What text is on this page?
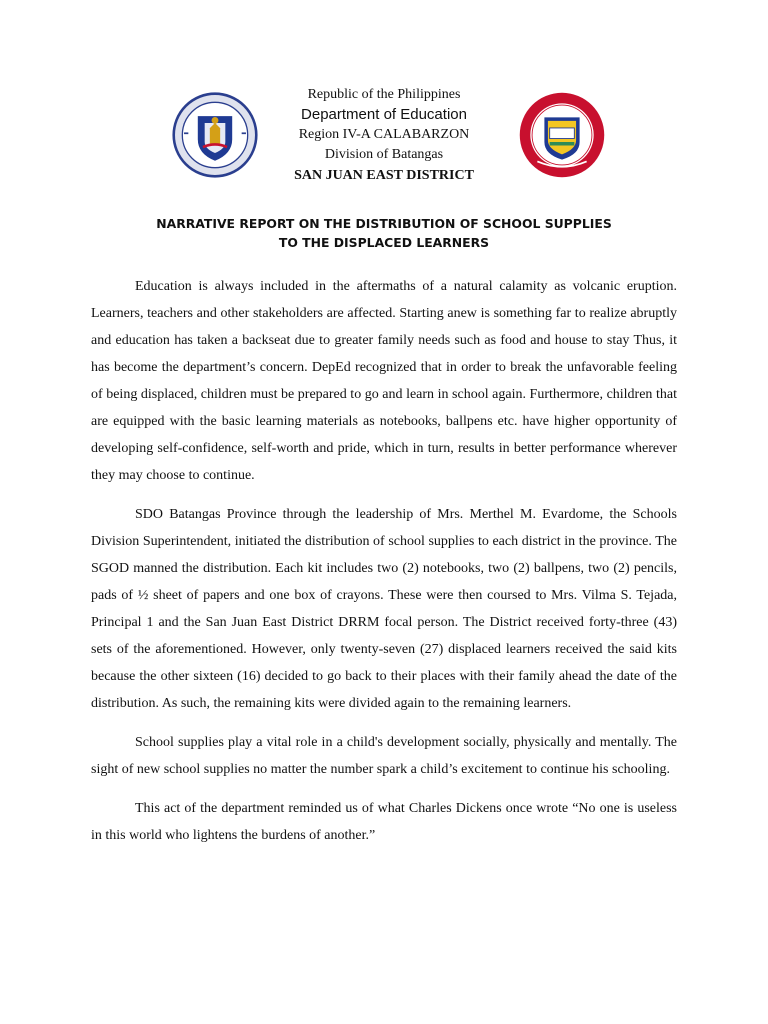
Republic of the Philippines
Department of Education
Region IV-A CALABARZON
Division of Batangas
SAN JUAN EAST DISTRICT
NARRATIVE REPORT ON THE DISTRIBUTION OF SCHOOL SUPPLIES
TO THE DISPLACED LEARNERS

Education is always included in the aftermaths of a natural calamity as volcanic eruption. Learners, teachers and other stakeholders are affected. Starting anew is something far to realize abruptly and education has taken a backseat due to greater family needs such as food and house to stay Thus, it has become the department’s concern. DepEd recognized that in order to break the unfavorable feeling of being displaced, children must be prepared to go and learn in school again. Furthermore, children that are equipped with the basic learning materials as notebooks, ballpens etc. have higher opportunity of developing self-confidence, self-worth and pride, which in turn, results in better performance wherever they may choose to continue.

SDO Batangas Province through the leadership of Mrs. Merthel M. Evardome, the Schools Division Superintendent, initiated the distribution of school supplies to each district in the province. The SGOD manned the distribution. Each kit includes two (2) notebooks, two (2) ballpens, two (2) pencils, pads of ½ sheet of papers and one box of crayons. These were then coursed to Mrs. Vilma S. Tejada, Principal 1 and the San Juan East District DRRM focal person. The District received forty-three (43) sets of the aforementioned. However, only twenty-seven (27) displaced learners received the said kits because the other sixteen (16) decided to go back to their places with their family ahead the date of the distribution. As such, the remaining kits were divided again to the remaining learners.

School supplies play a vital role in a child's development socially, physically and mentally. The sight of new school supplies no matter the number spark a child’s excitement to continue his schooling.

This act of the department reminded us of what Charles Dickens once wrote “No one is useless in this world who lightens the burdens of another.”
